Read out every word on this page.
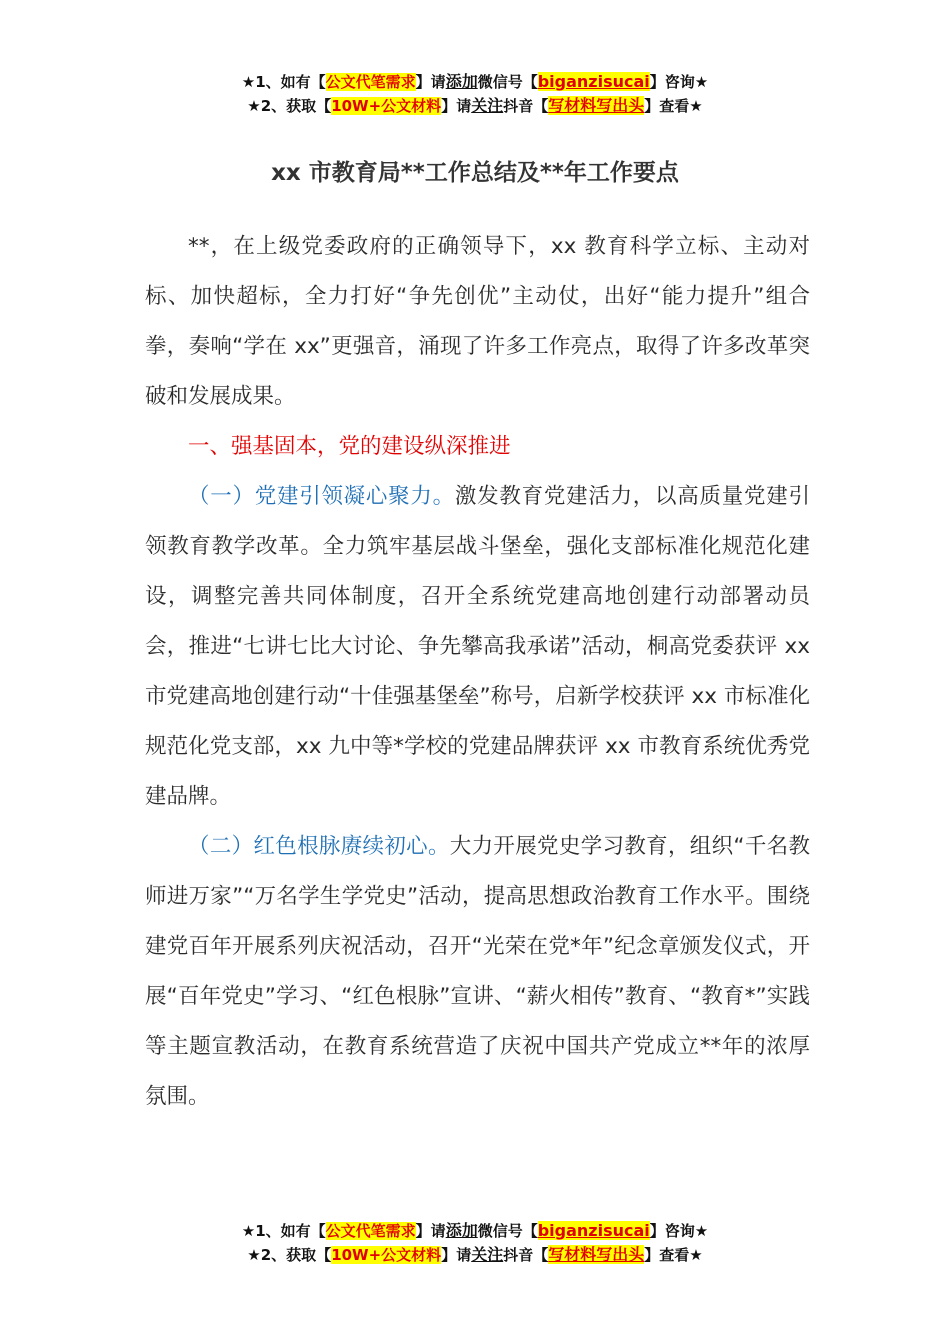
★1、如有【公文代笔需求】请添加微信号【biganzisucai】咨询★
★2、获取【10W+公文材料】请关注抖音【写材料写出头】查看★
xx 市教育局**工作总结及**年工作要点

**，在上级党委政府的正确领导下，xx 教育科学立标、主动对标、加快超标，全力打好“争先创优”主动仗，出好“能力提升”组合拳，奏响“学在 xx”更强音，涌现了许多工作亮点，取得了许多改革突破和发展成果。

一、强基固本，党的建设纵深推进

（一）党建引领凝心聚力。激发教育党建活力，以高质量党建引领教育教学改革。全力筑牢基层战斗堡垒，强化支部标准化规范化建设，调整完善共同体制度，召开全系统党建高地创建行动部署动员会，推进“七讲七比大讨论、争先攀高我承诺”活动，桐高党委获评 xx 市党建高地创建行动“十佳强基堡垒”称号，启新学校获评 xx 市标准化规范化党支部，xx 九中等*学校的党建品牌获评 xx 市教育系统优秀党建品牌。

（二）红色根脉赓续初心。大力开展党史学习教育，组织“千名教师进万家”“万名学生学党史”活动，提高思想政治教育工作水平。围绕建党百年开展系列庆祝活动，召开“光荣在党*年”纪念章颁发仪式，开展“百年党史”学习、“红色根脉”宣讲、“薪火相传”教育、“教育*”实践等主题宣教活动，在教育系统营造了庆祝中国共产党成立**年的浓厚氛围。

★1、如有【公文代笔需求】请添加微信号【biganzisucai】咨询★
★2、获取【10W+公文材料】请关注抖音【写材料写出头】查看★
